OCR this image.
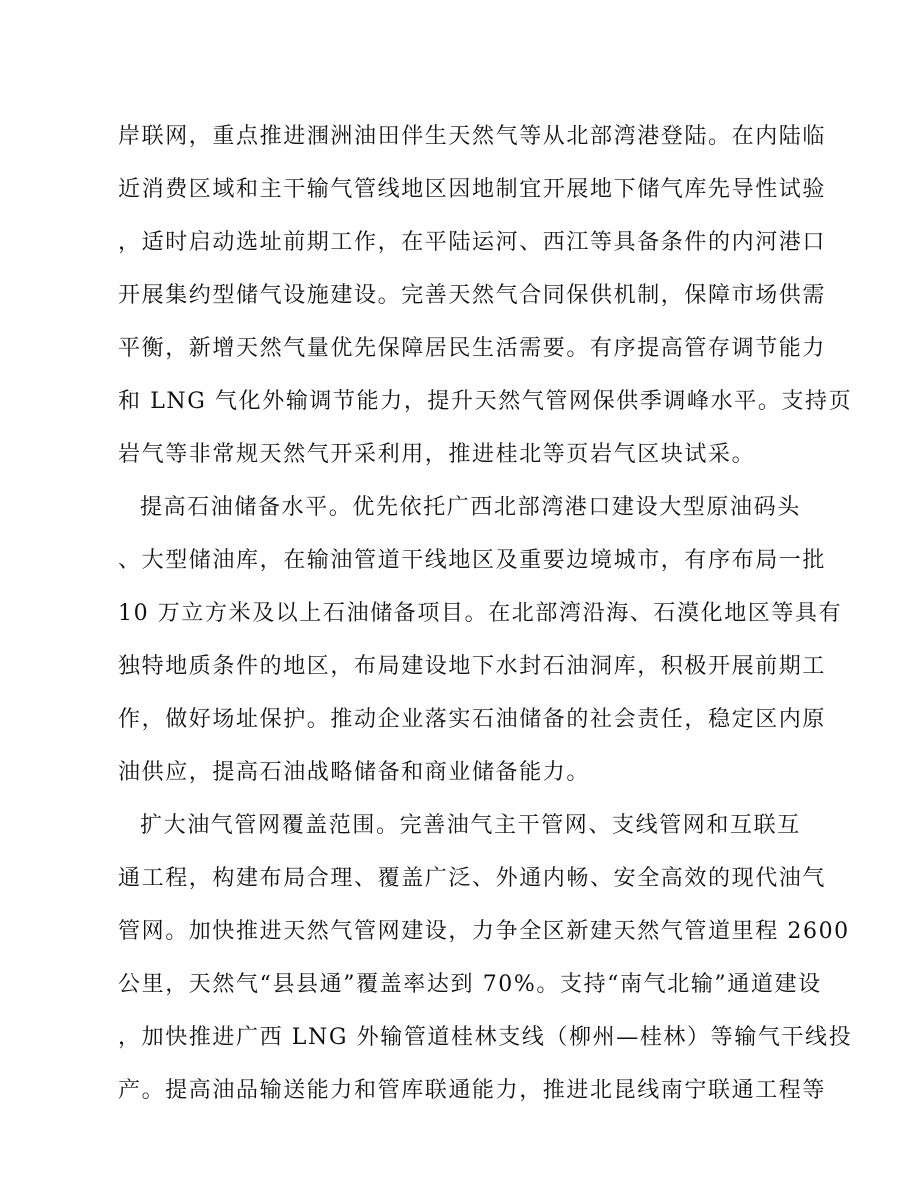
岸联网，重点推进涠洲油田伴生天然气等从北部湾港登陆。在内陆临
近消费区域和主干输气管线地区因地制宜开展地下储气库先导性试验
，适时启动选址前期工作，在平陆运河、西江等具备条件的内河港口
开展集约型储气设施建设。完善天然气合同保供机制，保障市场供需
平衡，新增天然气量优先保障居民生活需要。有序提高管存调节能力
和 LNG 气化外输调节能力，提升天然气管网保供季调峰水平。支持页
岩气等非常规天然气开采利用，推进桂北等页岩气区块试采。
提高石油储备水平。优先依托广西北部湾港口建设大型原油码头
、大型储油库，在输油管道干线地区及重要边境城市，有序布局一批
10 万立方米及以上石油储备项目。在北部湾沿海、石漠化地区等具有
独特地质条件的地区，布局建设地下水封石油洞库，积极开展前期工
作，做好场址保护。推动企业落实石油储备的社会责任，稳定区内原
油供应，提高石油战略储备和商业储备能力。
扩大油气管网覆盖范围。完善油气主干管网、支线管网和互联互
通工程，构建布局合理、覆盖广泛、外通内畅、安全高效的现代油气
管网。加快推进天然气管网建设，力争全区新建天然气管道里程 2600
公里，天然气“县县通”覆盖率达到 70%。支持“南气北输”通道建设
，加快推进广西 LNG 外输管道桂林支线（柳州—桂林）等输气干线投
产。提高油品输送能力和管库联通能力，推进北昆线南宁联通工程等
